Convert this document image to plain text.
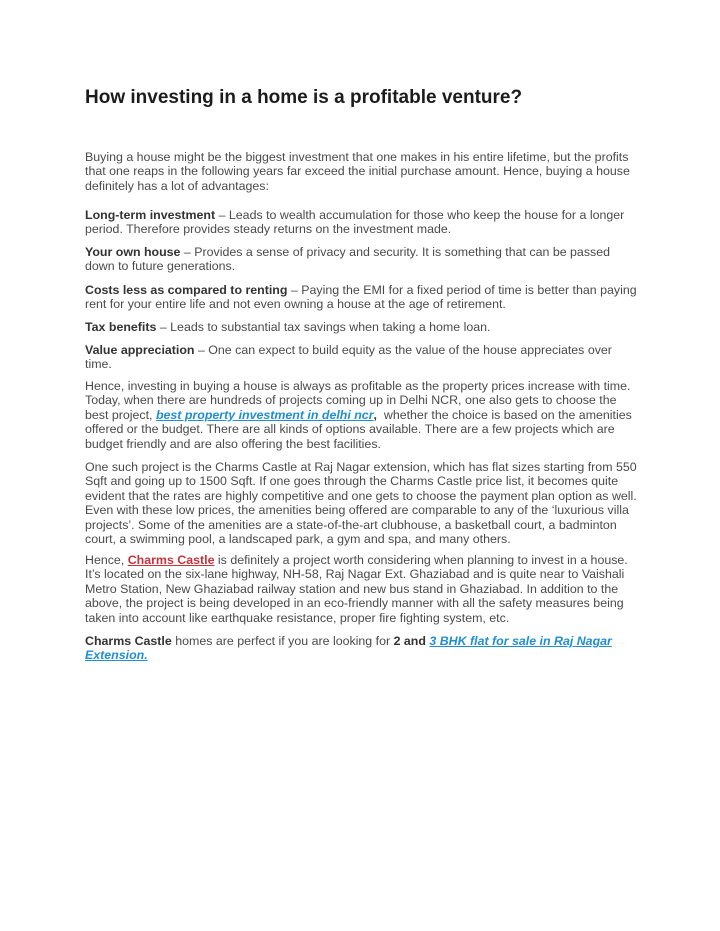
How investing in a home is a profitable venture?

Buying a house might be the biggest investment that one makes in his entire lifetime, but the profits that one reaps in the following years far exceed the initial purchase amount. Hence, buying a house definitely has a lot of advantages:

Long-term investment – Leads to wealth accumulation for those who keep the house for a longer period. Therefore provides steady returns on the investment made.

Your own house – Provides a sense of privacy and security. It is something that can be passed down to future generations.

Costs less as compared to renting – Paying the EMI for a fixed period of time is better than paying rent for your entire life and not even owning a house at the age of retirement.

Tax benefits – Leads to substantial tax savings when taking a home loan.

Value appreciation – One can expect to build equity as the value of the house appreciates over time.

Hence, investing in buying a house is always as profitable as the property prices increase with time. Today, when there are hundreds of projects coming up in Delhi NCR, one also gets to choose the best project, best property investment in delhi ncr,  whether the choice is based on the amenities offered or the budget. There are all kinds of options available. There are a few projects which are budget friendly and are also offering the best facilities.

One such project is the Charms Castle at Raj Nagar extension, which has flat sizes starting from 550 Sqft and going up to 1500 Sqft. If one goes through the Charms Castle price list, it becomes quite evident that the rates are highly competitive and one gets to choose the payment plan option as well. Even with these low prices, the amenities being offered are comparable to any of the ‘luxurious villa projects’. Some of the amenities are a state-of-the-art clubhouse, a basketball court, a badminton court, a swimming pool, a landscaped park, a gym and spa, and many others.

Hence, Charms Castle is definitely a project worth considering when planning to invest in a house. It’s located on the six-lane highway, NH-58, Raj Nagar Ext. Ghaziabad and is quite near to Vaishali Metro Station, New Ghaziabad railway station and new bus stand in Ghaziabad. In addition to the above, the project is being developed in an eco-friendly manner with all the safety measures being taken into account like earthquake resistance, proper fire fighting system, etc.

Charms Castle homes are perfect if you are looking for 2 and 3 BHK flat for sale in Raj Nagar Extension.
